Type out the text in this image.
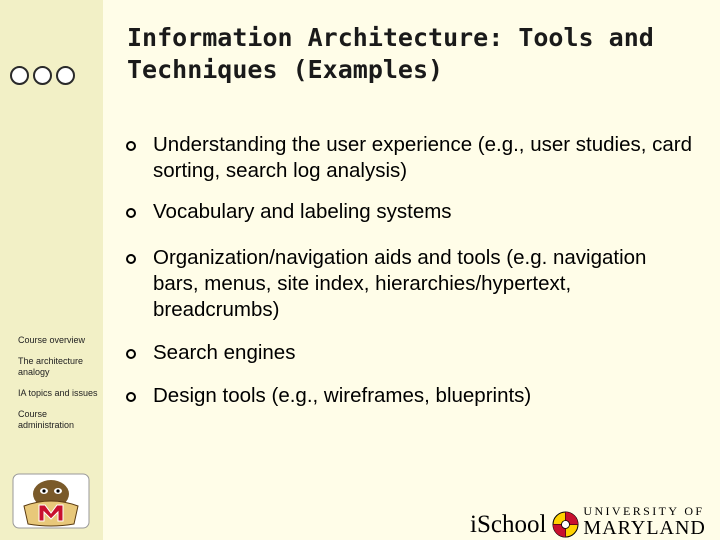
Course overview
The architecture analogy
IA topics and issues
Course administration
Information Architecture: Tools and Techniques (Examples)
Understanding the user experience (e.g., user studies, card sorting, search log analysis)
Vocabulary and labeling systems
Organization/navigation aids and tools (e.g. navigation bars, menus, site index, hierarchies/hypertext, breadcrumbs)
Search engines
Design tools (e.g., wireframes, blueprints)
iSchool	UNIVERSITY OF
MARYLAND
